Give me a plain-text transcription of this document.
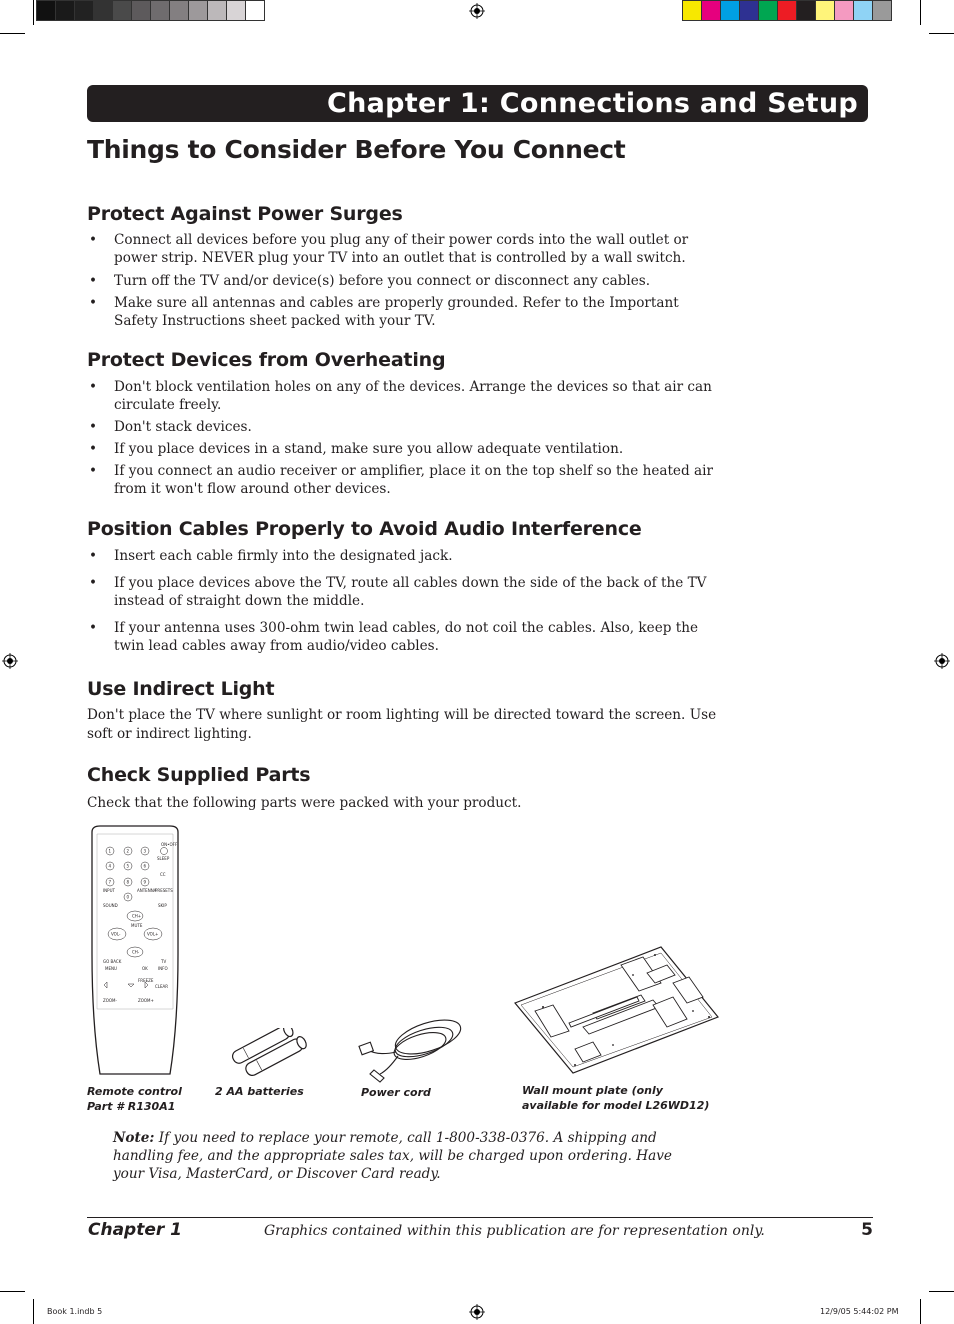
Chapter 1: Connections and Setup
Things to Consider Before You Connect
Protect Against Power Surges
• Connect all devices before you plug any of their power cords into the wall outlet or power strip. NEVER plug your TV into an outlet that is controlled by a wall switch.
• Turn off the TV and/or device(s) before you connect or disconnect any cables.
• Make sure all antennas and cables are properly grounded. Refer to the Important Safety Instructions sheet packed with your TV.
Protect Devices from Overheating
• Don't block ventilation holes on any of the devices. Arrange the devices so that air can circulate freely.
• Don't stack devices.
• If you place devices in a stand, make sure you allow adequate ventilation.
• If you connect an audio receiver or amplifier, place it on the top shelf so the heated air from it won't flow around other devices.
Position Cables Properly to Avoid Audio Interference
• Insert each cable firmly into the designated jack.
• If you place devices above the TV, route all cables down the side of the back of the TV instead of straight down the middle.
• If your antenna uses 300-ohm twin lead cables, do not coil the cables. Also, keep the twin lead cables away from audio/video cables.
Use Indirect Light

Don't place the TV where sunlight or room lighting will be directed toward the screen. Use soft or indirect lighting.

Check Supplied Parts

Check that the following parts were packed with your product.

ON•OFF
SLEEP
CC
1	2	3
4	5	6
7	8	9
0
INPUT	ANTENNA
PRESETS
SOUND	SKIP
CH+
MUTE
VOL-	VOL+
CH-
GO BACK	TV
MENU	OK	INFO
FREEZE
CLEAR
ZOOM-	ZOOM+
Remote control
Part # R130A1
2 AA batteries	Power cord	Wall mount plate (only
available for model L26WD12)

Note: If you need to replace your remote, call 1-800-338-0376. A shipping and handling fee, and the appropriate sales tax, will be charged upon ordering. Have your Visa, MasterCard, or Discover Card ready.

Chapter 1	Graphics contained within this publication are for representation only.	5
Book 1.indb 5	12/9/05 5:44:02 PM
